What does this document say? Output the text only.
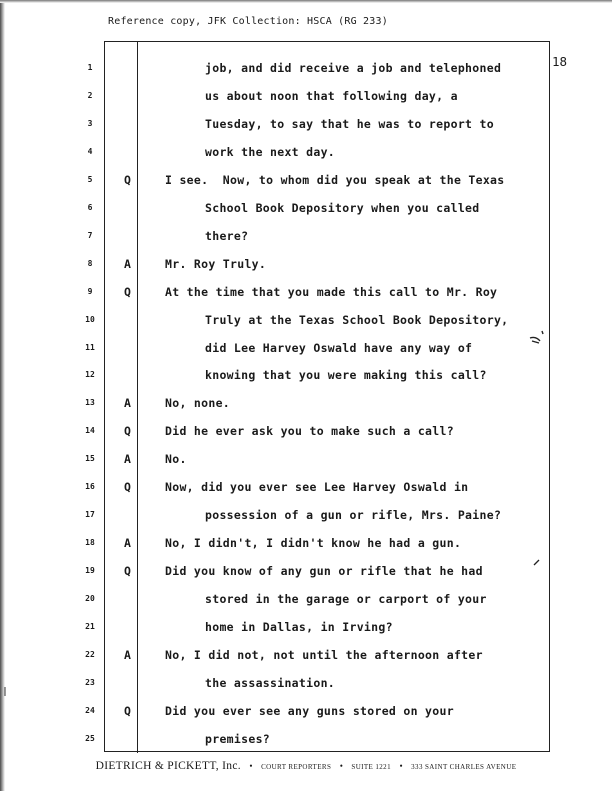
Reference copy, JFK Collection: HSCA (RG 233)
18
1	job, and did receive a job and telephoned
2	us about noon that following day, a
3	Tuesday, to say that he was to report to
4	work the next day.
5	Q	I see.  Now, to whom did you speak at the Texas
6	School Book Depository when you called
7	there?
8	A	Mr. Roy Truly.
9	Q	At the time that you made this call to Mr. Roy
10	Truly at the Texas School Book Depository,
11	did Lee Harvey Oswald have any way of
12	knowing that you were making this call?
13	A	No, none.
14	Q	Did he ever ask you to make such a call?
15	A	No.
16	Q	Now, did you ever see Lee Harvey Oswald in
17	possession of a gun or rifle, Mrs. Paine?
18	A	No, I didn't, I didn't know he had a gun.
19	Q	Did you know of any gun or rifle that he had
20	stored in the garage or carport of your
21	home in Dallas, in Irving?
22	A	No, I did not, not until the afternoon after
23	the assassination.
24	Q	Did you ever see any guns stored on your
25	premises?
DIETRICH & PICKETT, Inc. • COURT REPORTERS • SUITE 1221 • 333 SAINT CHARLES AVENUE
